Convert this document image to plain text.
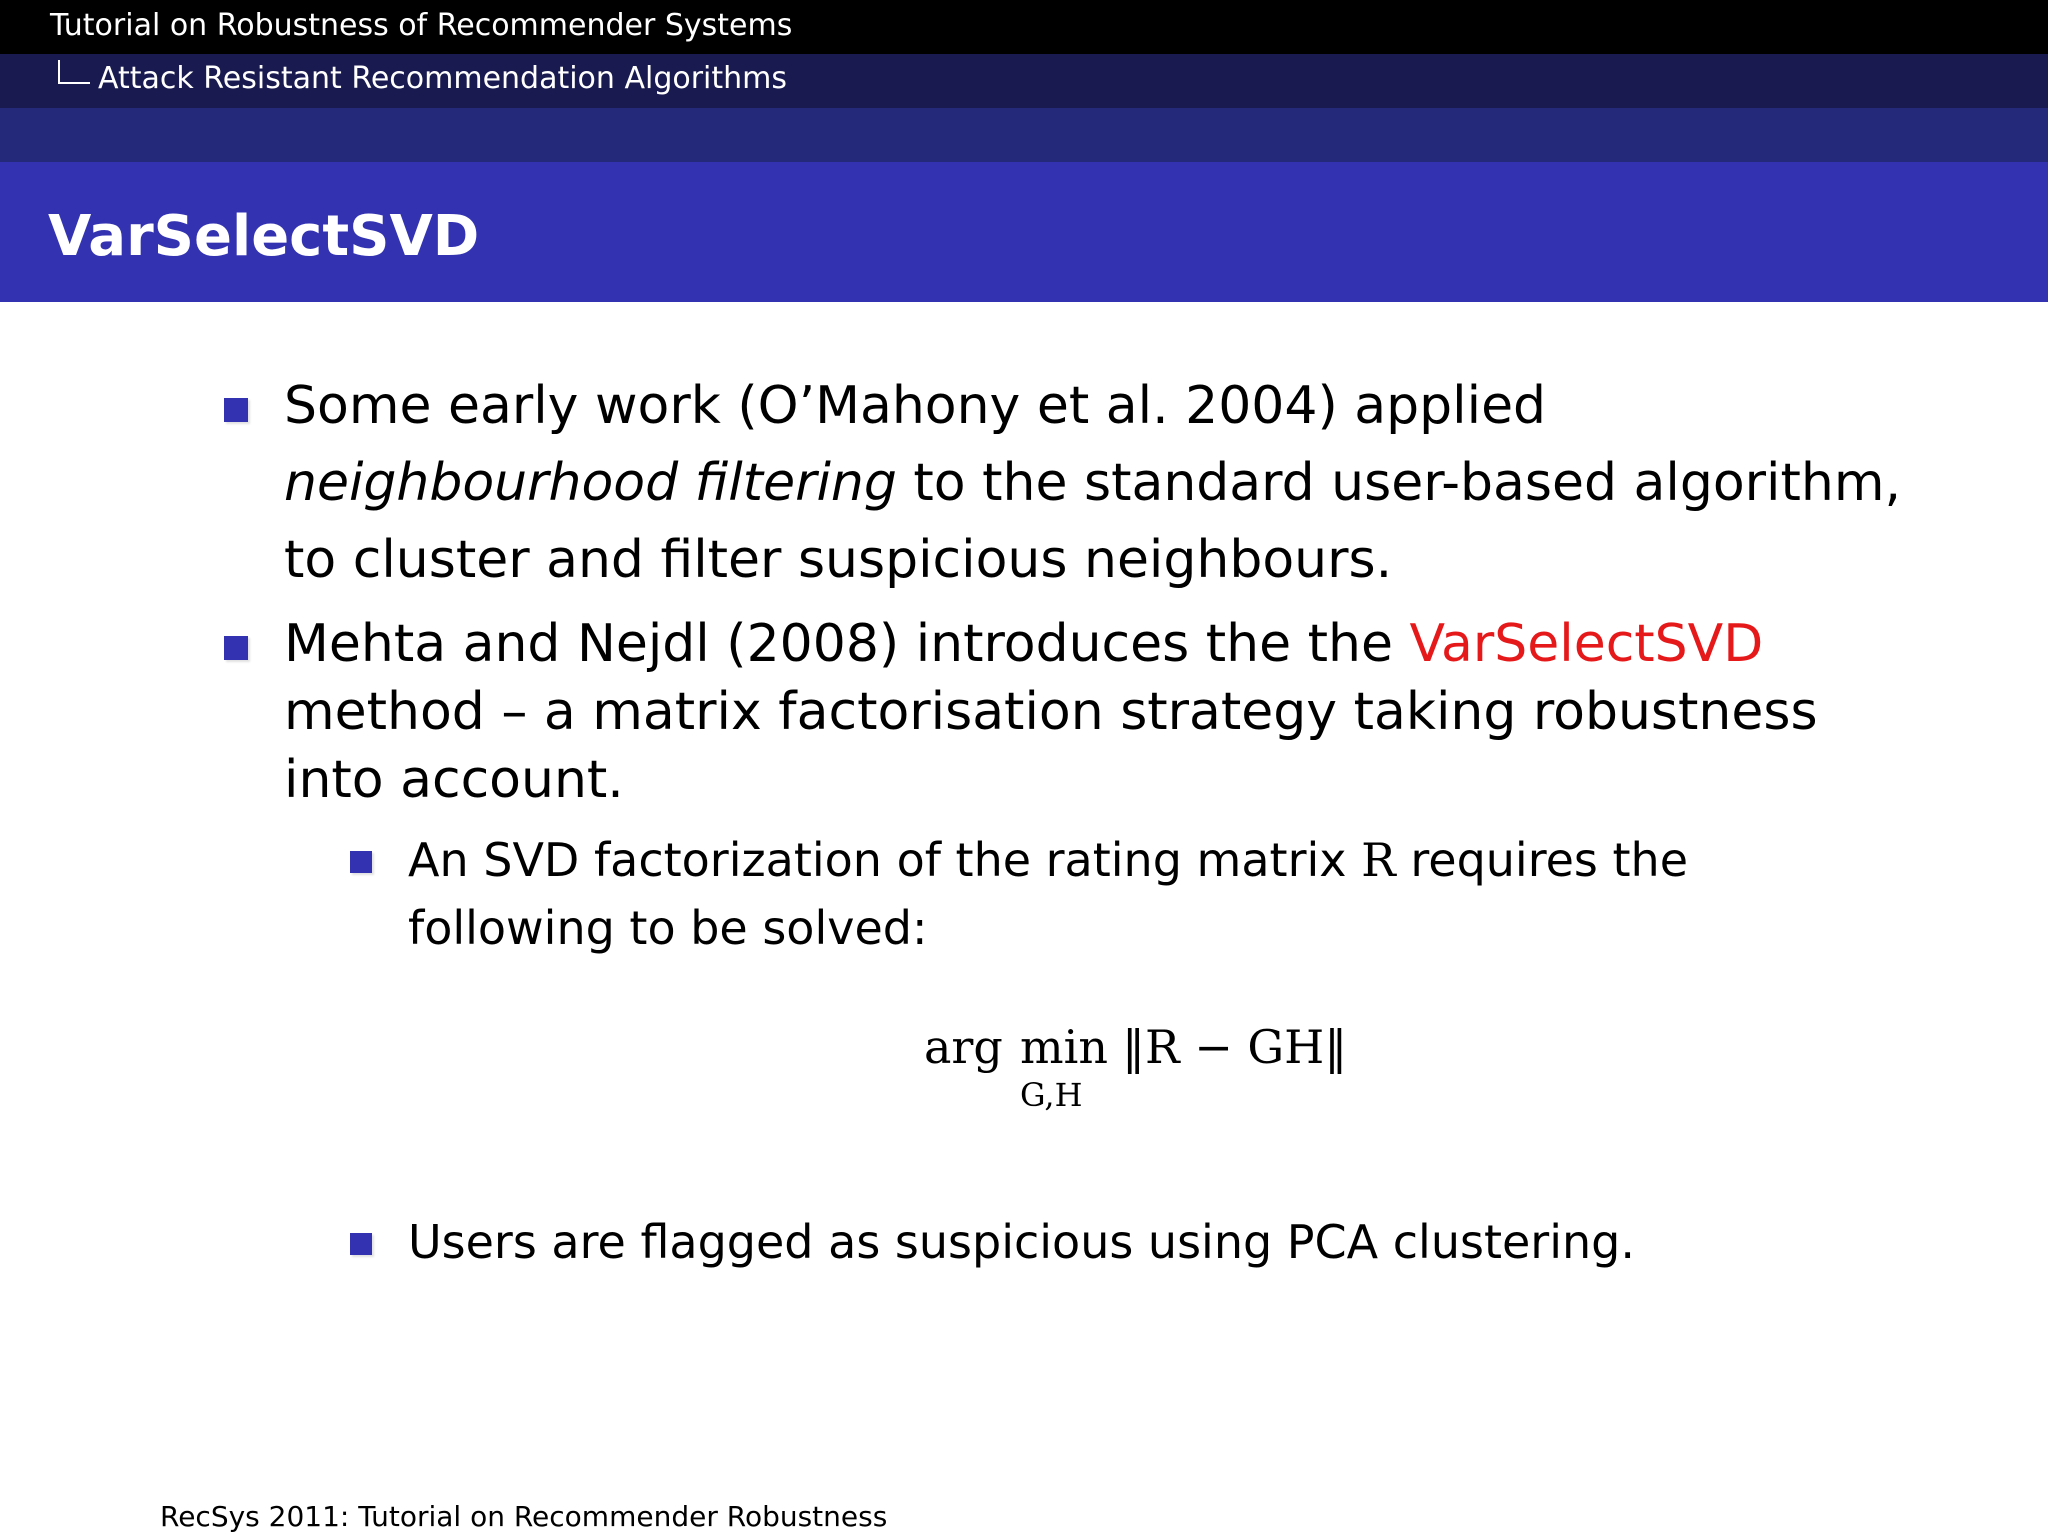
Tutorial on Robustness of Recommender Systems
Attack Resistant Recommendation Algorithms
VarSelectSVD
Some early work (O’Mahony et al. 2004) applied
neighbourhood filtering to the standard user-based algorithm,
to cluster and filter suspicious neighbours.
Mehta and Nejdl (2008) introduces the the VarSelectSVD
method – a matrix factorisation strategy taking robustness
into account.
An SVD factorization of the rating matrix R requires the
following to be solved:
arg min
G,H
‖R − GH‖
Users are flagged as suspicious using PCA clustering.
RecSys 2011: Tutorial on Recommender Robustness
